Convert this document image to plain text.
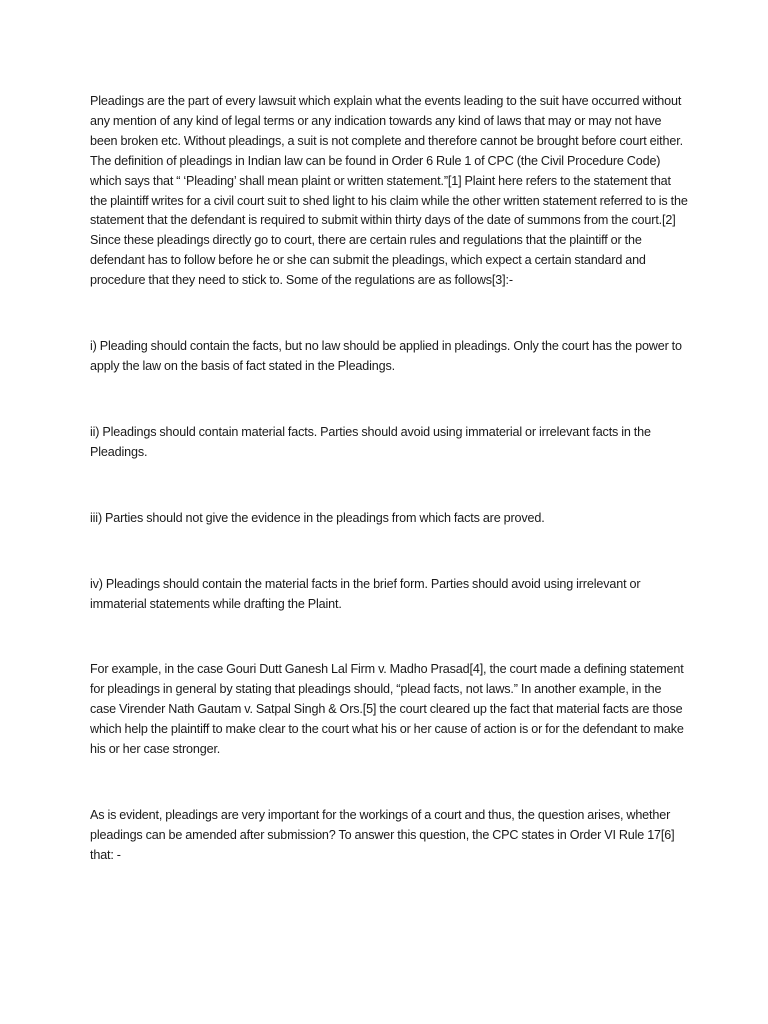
Pleadings are the part of every lawsuit which explain what the events leading to the suit have occurred without any mention of any kind of legal terms or any indication towards any kind of laws that may or may not have been broken etc. Without pleadings, a suit is not complete and therefore cannot be brought before court either. The definition of pleadings in Indian law can be found in Order 6 Rule 1 of CPC (the Civil Procedure Code) which says that “ ‘Pleading’ shall mean plaint or written statement.”[1] Plaint here refers to the statement that the plaintiff writes for a civil court suit to shed light to his claim while the other written statement referred to is the statement that the defendant is required to submit within thirty days of the date of summons from the court.[2] Since these pleadings directly go to court, there are certain rules and regulations that the plaintiff or the defendant has to follow before he or she can submit the pleadings, which expect a certain standard and procedure that they need to stick to. Some of the regulations are as follows[3]:-

i) Pleading should contain the facts, but no law should be applied in pleadings. Only the court has the power to apply the law on the basis of fact stated in the Pleadings.

ii) Pleadings should contain material facts. Parties should avoid using immaterial or irrelevant facts in the Pleadings.

iii) Parties should not give the evidence in the pleadings from which facts are proved.

iv) Pleadings should contain the material facts in the brief form. Parties should avoid using irrelevant or immaterial statements while drafting the Plaint.

For example, in the case Gouri Dutt Ganesh Lal Firm v. Madho Prasad[4], the court made a defining statement for pleadings in general by stating that pleadings should, “plead facts, not laws.” In another example, in the case Virender Nath Gautam v. Satpal Singh & Ors.[5] the court cleared up the fact that material facts are those which help the plaintiff to make clear to the court what his or her cause of action is or for the defendant to make his or her case stronger.

As is evident, pleadings are very important for the workings of a court and thus, the question arises, whether pleadings can be amended after submission? To answer this question, the CPC states in Order VI Rule 17[6] that: -
